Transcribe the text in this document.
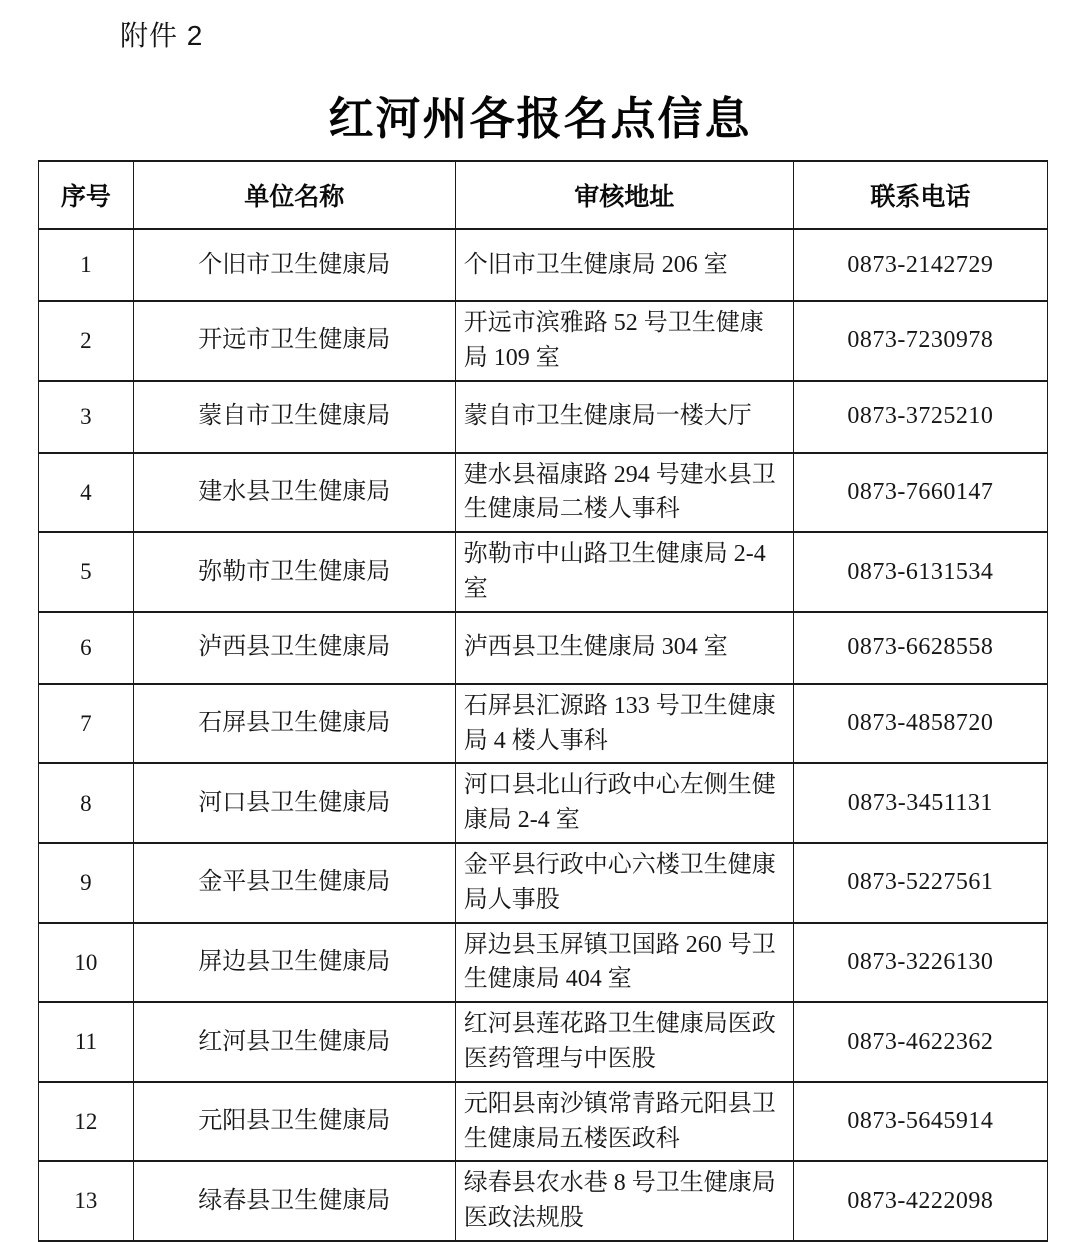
附件 2
红河州各报名点信息
序号	单位名称	审核地址	联系电话
1	个旧市卫生健康局	个旧市卫生健康局 206 室	0873-2142729
2	开远市卫生健康局	开远市滨雅路 52 号卫生健康局 109 室	0873-7230978
3	蒙自市卫生健康局	蒙自市卫生健康局一楼大厅	0873-3725210
4	建水县卫生健康局	建水县福康路 294 号建水县卫生健康局二楼人事科	0873-7660147
5	弥勒市卫生健康局	弥勒市中山路卫生健康局 2-4 室	0873-6131534
6	泸西县卫生健康局	泸西县卫生健康局 304 室	0873-6628558
7	石屏县卫生健康局	石屏县汇源路 133 号卫生健康局 4 楼人事科	0873-4858720
8	河口县卫生健康局	河口县北山行政中心左侧生健康局 2-4 室	0873-3451131
9	金平县卫生健康局	金平县行政中心六楼卫生健康局人事股	0873-5227561
10	屏边县卫生健康局	屏边县玉屏镇卫国路 260 号卫生健康局 404 室	0873-3226130
11	红河县卫生健康局	红河县莲花路卫生健康局医政医药管理与中医股	0873-4622362
12	元阳县卫生健康局	元阳县南沙镇常青路元阳县卫生健康局五楼医政科	0873-5645914
13	绿春县卫生健康局	绿春县农水巷 8 号卫生健康局医政法规股	0873-4222098
